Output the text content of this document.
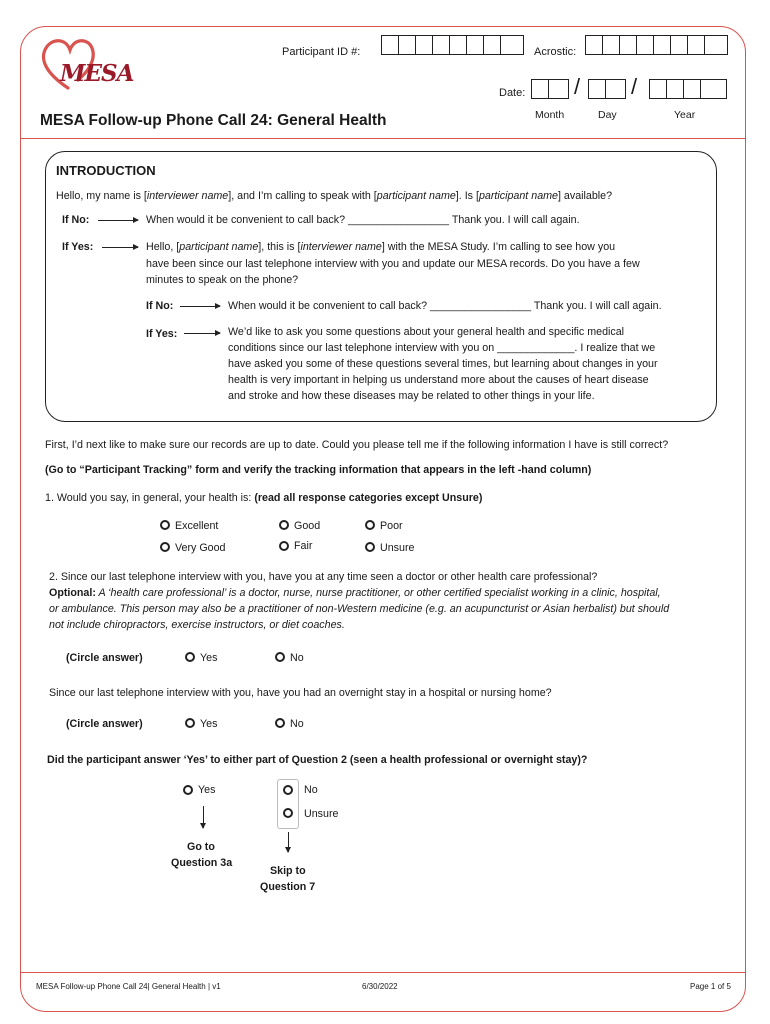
MESA
Participant ID #:	Acrostic:
Date: / /
Month	Day	Year
MESA Follow-up Phone Call 24: General Health
INTRODUCTION
Hello, my name is [interviewer name], and I’m calling to speak with [participant name]. Is [participant name] available?
If No:	When would it be convenient to call back? _________________ Thank you. I will call again.
If Yes:	Hello, [participant name], this is [interviewer name] with the MESA Study. I’m calling to see how you
have been since our last telephone interview with you and update our MESA records. Do you have a few
minutes to speak on the phone?
If No:	When would it be convenient to call back? _________________ Thank you. I will call again.
If Yes:	We’d like to ask you some questions about your general health and specific medical
conditions since our last telephone interview with you on _____________. I realize that we
have asked you some of these questions several times, but learning about changes in your
health is very important in helping us understand more about the causes of heart disease
and stroke and how these diseases may be related to other things in your life.
First, I’d next like to make sure our records are up to date. Could you please tell me if the following information I have is still correct?
(Go to “Participant Tracking” form and verify the tracking information that appears in the left -hand column)
1. Would you say, in general, your health is: (read all response categories except Unsure)
Excellent	Good	Poor
Very Good	Fair	Unsure
2. Since our last telephone interview with you, have you at any time seen a doctor or other health care professional?
Optional: A ‘health care professional’ is a doctor, nurse, nurse practitioner, or other certified specialist working in a clinic, hospital,
or ambulance. This person may also be a practitioner of non-Western medicine (e.g. an acupuncturist or Asian herbalist) but should
not include chiropractors, exercise instructors, or diet coaches.
(Circle answer)	Yes	No
Since our last telephone interview with you, have you had an overnight stay in a hospital or nursing home?
(Circle answer)	Yes	No
Did the participant answer ‘Yes’ to either part of Question 2 (seen a health professional or overnight stay)?
Yes	No
Unsure
Go to
Question 3a
Skip to
Question 7
MESA Follow-up Phone Call 24| General Health | v1	6/30/2022	Page 1 of 5
